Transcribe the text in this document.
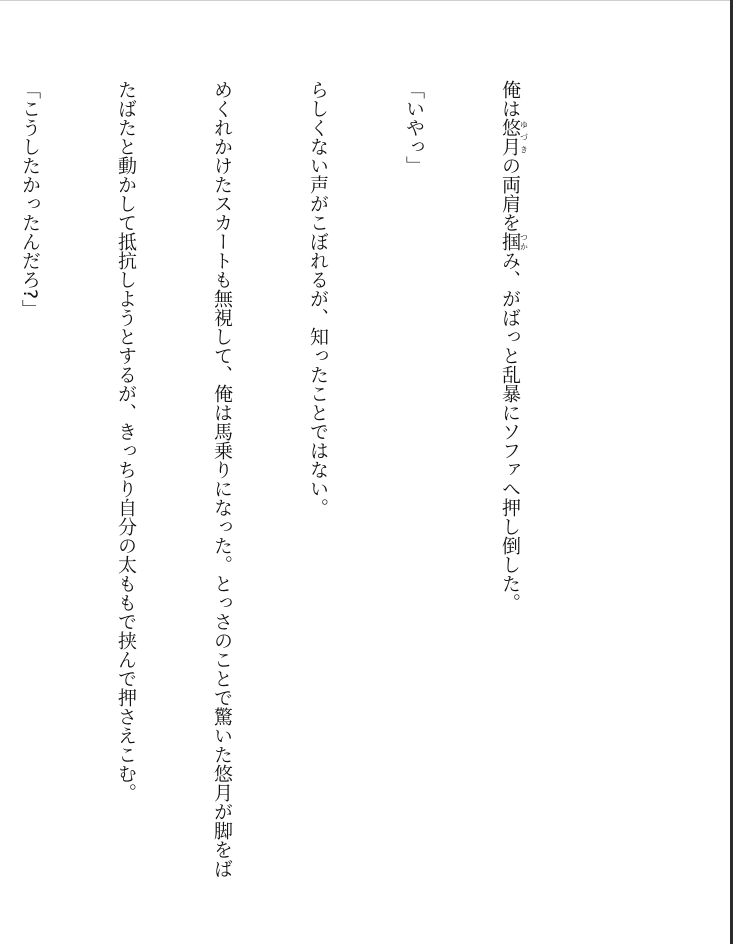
俺は悠月ゆづきの両肩を掴つかみ、がばっと乱暴にソファへ押し倒した。

「いやっ」

らしくない声がこぼれるが、知ったことではない。

めくれかけたスカートも無視して、俺は馬乗りになった。とっさのことで驚いた悠月が脚をば

たばたと動かして抵抗しようとするが、きっちり自分の太ももで挟んで押さえこむ。

「こうしたかったんだろ?」
